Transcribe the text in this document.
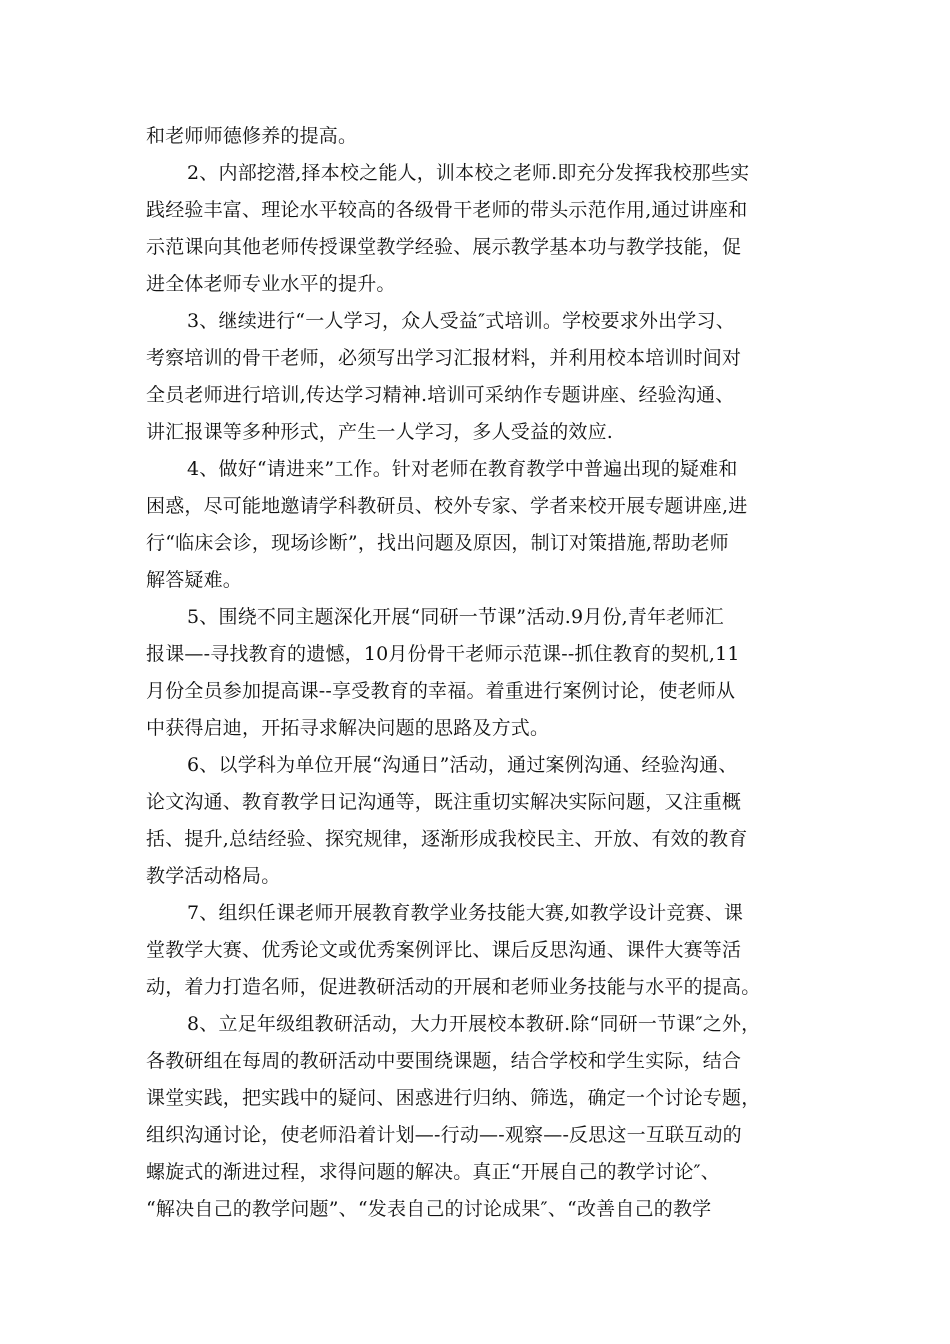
和老师师德修养的提高。
2、内部挖潜,择本校之能人，训本校之老师.即充分发挥我校那些实
践经验丰富、理论水平较高的各级骨干老师的带头示范作用,通过讲座和
示范课向其他老师传授课堂教学经验、展示教学基本功与教学技能，促
进全体老师专业水平的提升。
3、继续进行“一人学习，众人受益″式培训。学校要求外出学习、
考察培训的骨干老师，必须写出学习汇报材料，并利用校本培训时间对
全员老师进行培训,传达学习精神.培训可采纳作专题讲座、经验沟通、
讲汇报课等多种形式，产生一人学习，多人受益的效应.
4、做好“请进来”工作。针对老师在教育教学中普遍出现的疑难和
困惑，尽可能地邀请学科教研员、校外专家、学者来校开展专题讲座,进
行“临床会诊，现场诊断”，找出问题及原因，制订对策措施,帮助老师
解答疑难。
5、围绕不同主题深化开展“同研一节课”活动.9月份,青年老师汇
报课—-寻找教育的遗憾，10月份骨干老师示范课--抓住教育的契机,11
月份全员参加提高课--享受教育的幸福。着重进行案例讨论，使老师从
中获得启迪，开拓寻求解决问题的思路及方式。
6、以学科为单位开展“沟通日”活动，通过案例沟通、经验沟通、
论文沟通、教育教学日记沟通等，既注重切实解决实际问题，又注重概
括、提升,总结经验、探究规律，逐渐形成我校民主、开放、有效的教育
教学活动格局。
7、组织任课老师开展教育教学业务技能大赛,如教学设计竞赛、课
堂教学大赛、优秀论文或优秀案例评比、课后反思沟通、课件大赛等活
动，着力打造名师，促进教研活动的开展和老师业务技能与水平的提高。
8、立足年级组教研活动，大力开展校本教研.除“同研一节课″之外，
各教研组在每周的教研活动中要围绕课题，结合学校和学生实际，结合
课堂实践，把实践中的疑问、困惑进行归纳、筛选，确定一个讨论专题，
组织沟通讨论，使老师沿着计划—-行动—-观察—-反思这一互联互动的
螺旋式的渐进过程，求得问题的解决。真正“开展自己的教学讨论″、
“解决自己的教学问题”、“发表自己的讨论成果″、“改善自己的教学
